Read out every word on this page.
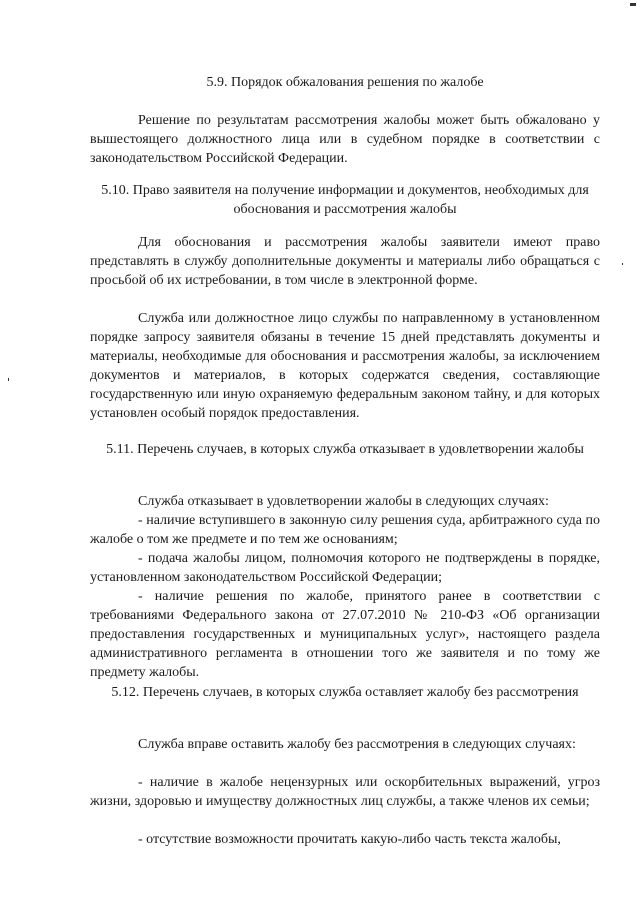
5.9. Порядок обжалования решения по жалобе
Решение по результатам рассмотрения жалобы может быть обжаловано у вышестоящего должностного лица или в судебном порядке в соответствии с законодательством Российской Федерации.
5.10. Право заявителя на получение информации и документов, необходимых для обоснования и рассмотрения жалобы
Для обоснования и рассмотрения жалобы заявители имеют право представлять в службу дополнительные документы и материалы либо обращаться с просьбой об их истребовании, в том числе в электронной форме.
Служба или должностное лицо службы по направленному в установленном порядке запросу заявителя обязаны в течение 15 дней представлять документы и материалы, необходимые для обоснования и рассмотрения жалобы, за исключением документов и материалов, в которых содержатся сведения, составляющие государственную или иную охраняемую федеральным законом тайну, и для которых установлен особый порядок предоставления.
5.11. Перечень случаев, в которых служба отказывает в удовлетворении жалобы
Служба отказывает в удовлетворении жалобы в следующих случаях:
- наличие вступившего в законную силу решения суда, арбитражного суда по жалобе о том же предмете и по тем же основаниям;
- подача жалобы лицом, полномочия которого не подтверждены в порядке, установленном законодательством Российской Федерации;
- наличие решения по жалобе, принятого ранее в соответствии с требованиями Федерального закона от 27.07.2010 № 210-ФЗ «Об организации предоставления государственных и муниципальных услуг», настоящего раздела административного регламента в отношении того же заявителя и по тому же предмету жалобы.
5.12. Перечень случаев, в которых служба оставляет жалобу без рассмотрения
Служба вправе оставить жалобу без рассмотрения в следующих случаях:
- наличие в жалобе нецензурных или оскорбительных выражений, угроз жизни, здоровью и имуществу должностных лиц службы, а также членов их семьи;
- отсутствие возможности прочитать какую-либо часть текста жалобы,
